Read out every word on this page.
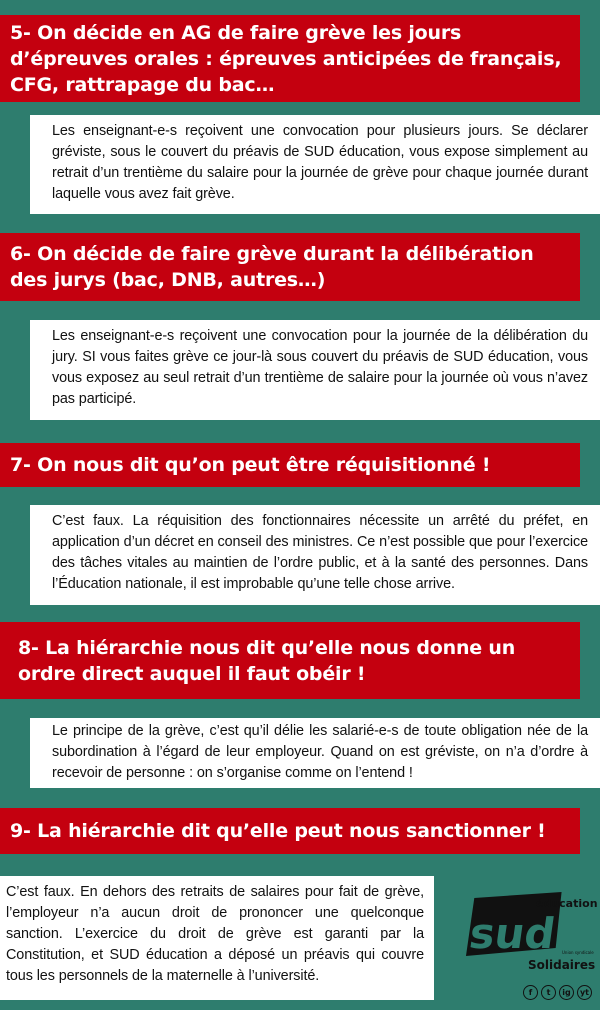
5- On décide en AG de faire grève les jours d’épreuves orales : épreuves anticipées de français, CFG, rattrapage du bac…
Les enseignant-e-s reçoivent une convocation pour plusieurs jours. Se déclarer gréviste, sous le couvert du préavis de SUD éducation, vous expose simplement au retrait d’un trentième du salaire pour la journée de grève pour chaque journée durant laquelle vous avez fait grève.
6- On décide de faire grève durant la délibération des jurys (bac, DNB, autres…)
Les enseignant-e-s reçoivent une convocation pour la journée de la délibération du jury. SI vous faites grève ce jour-là sous couvert du préavis de SUD éducation, vous vous exposez au seul retrait d’un trentième de salaire pour la journée où vous n’avez pas participé.
7- On nous dit qu’on peut être réquisitionné !
C’est faux. La réquisition des fonctionnaires nécessite un arrêté du préfet, en application d’un décret en conseil des ministres. Ce n’est possible que pour l’exercice des tâches vitales au maintien de l’ordre public, et à la santé des personnes. Dans l’Éducation nationale, il est improbable qu’une telle chose arrive.
8- La hiérarchie nous dit qu’elle nous donne un ordre direct auquel il faut obéir !
Le principe de la grève, c’est qu’il délie les salarié-e-s de toute obligation née de la subordination à l’égard de leur employeur. Quand on est gréviste, on n’a d’ordre à recevoir de personne : on s’organise comme on l’entend !
9- La hiérarchie dit qu’elle peut nous sanctionner !
C’est faux. En dehors des retraits de salaires pour fait de grève, l’employeur n’a aucun droit de prononcer une quelconque sanction. L’exercice du droit de grève est garanti par la Constitution, et SUD éducation a déposé un préavis qui couvre tous les personnels de la maternelle à l’université.
éducation
sud
Solidaires
Union syndicale
f	t	ig	yt
